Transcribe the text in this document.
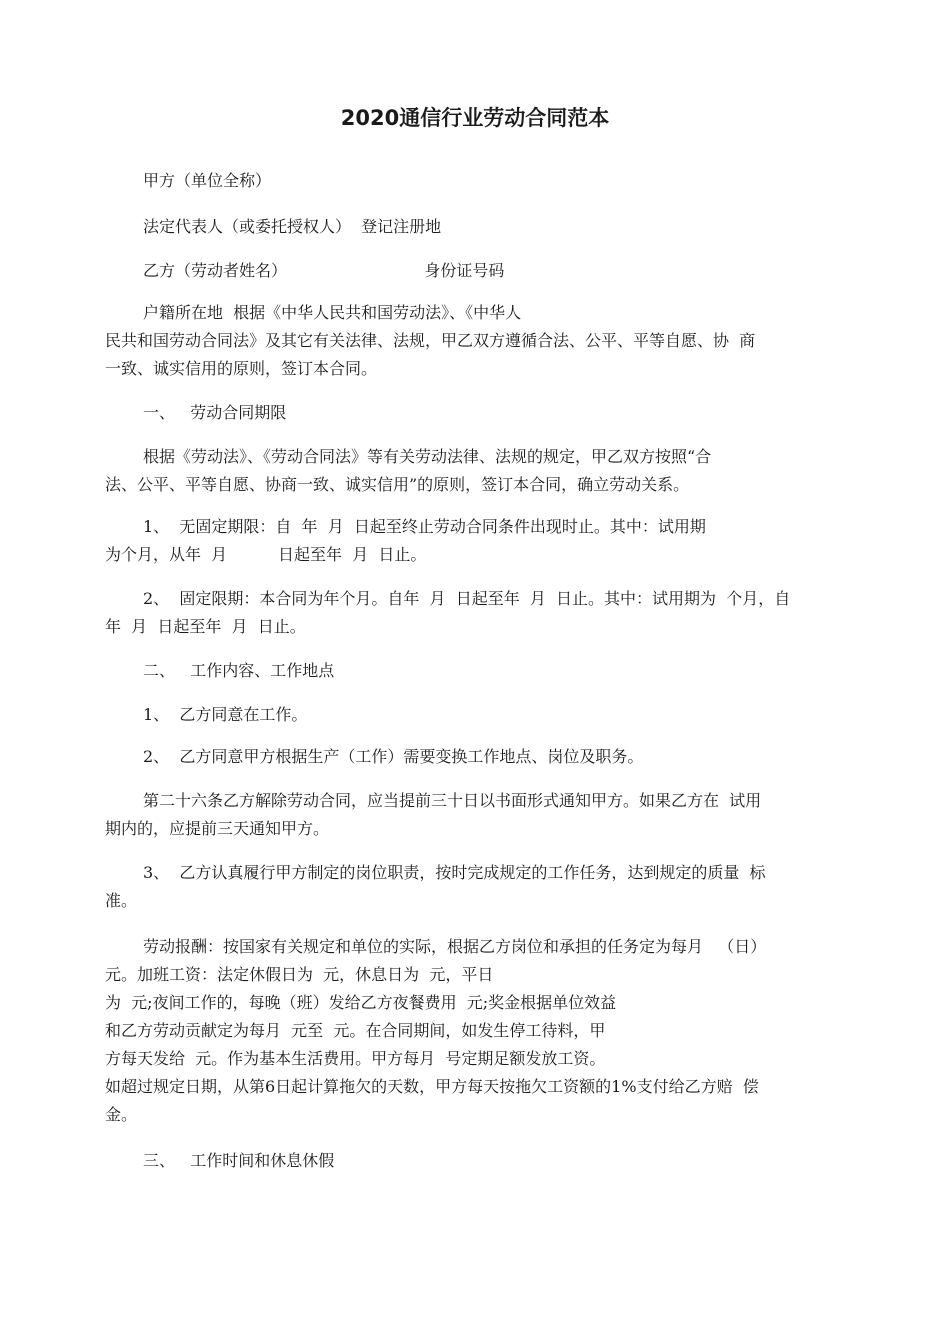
2020通信行业劳动合同范本

甲方（单位全称）

法定代表人（或委托授权人）  登记注册地

乙方（劳动者姓名）                           身份证号码

户籍所在地  根据《中华人民共和国劳动法》、《中华人

民共和国劳动合同法》及其它有关法律、法规，甲乙双方遵循合法、公平、平等自愿、协  商

一致、诚实信用的原则，签订本合同。

一、   劳动合同期限

根据《劳动法》、《劳动合同法》等有关劳动法律、法规的规定，甲乙双方按照“合

法、公平、平等自愿、协商一致、诚实信用”的原则，签订本合同，确立劳动关系。

1、  无固定期限：自  年  月  日起至终止劳动合同条件出现时止。其中：试用期

为个月，从年  月          日起至年  月  日止。

2、  固定限期：本合同为年个月。自年  月  日起至年  月  日止。其中：试用期为  个月，自

年  月  日起至年  月  日止。

二、   工作内容、工作地点

1、  乙方同意在工作。

2、  乙方同意甲方根据生产（工作）需要变换工作地点、岗位及职务。

第二十六条乙方解除劳动合同，应当提前三十日以书面形式通知甲方。如果乙方在  试用

期内的，应提前三天通知甲方。

3、  乙方认真履行甲方制定的岗位职责，按时完成规定的工作任务，达到规定的质量  标

准。

劳动报酬：按国家有关规定和单位的实际，根据乙方岗位和承担的任务定为每月   （日）

元。加班工资：法定休假日为  元，休息日为  元，平日

为  元;夜间工作的，每晚（班）发给乙方夜餐费用  元;奖金根据单位效益

和乙方劳动贡献定为每月  元至  元。在合同期间，如发生停工待料，甲

方每天发给  元。作为基本生活费用。甲方每月  号定期足额发放工资。

如超过规定日期，从第6日起计算拖欠的天数，甲方每天按拖欠工资额的1%支付给乙方赔  偿

金。

三、   工作时间和休息休假
